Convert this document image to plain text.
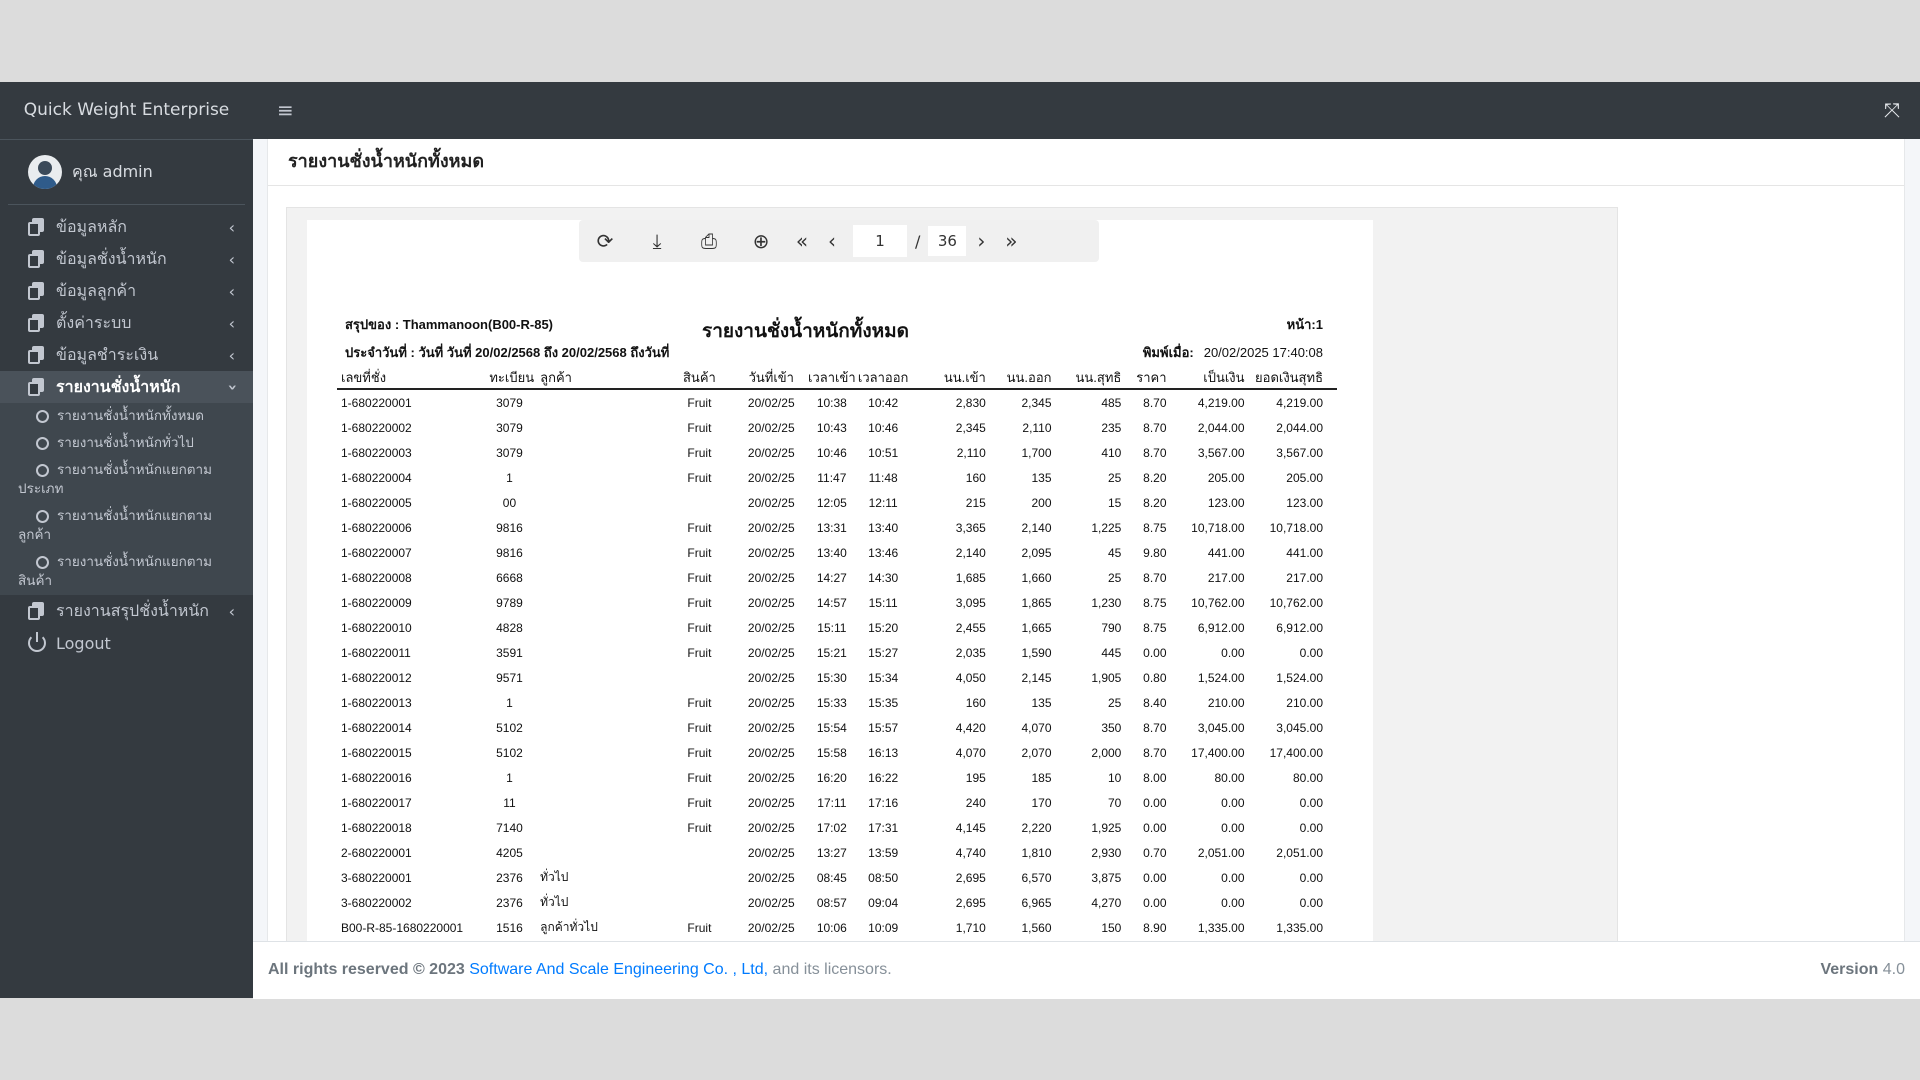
Quick Weight Enterprise
คุณ admin
ข้อมูลหลัก	‹
ข้อมูลชั่งน้ำหนัก	‹
ข้อมูลลูกค้า	‹
ตั้งค่าระบบ	‹
ข้อมูลชำระเงิน	‹
รายงานชั่งน้ำหนัก	‹
รายงานชั่งน้ำหนักทั้งหมด
รายงานชั่งน้ำหนักทั่วไป
รายงานชั่งน้ำหนักแยกตามประเภท
รายงานชั่งน้ำหนักแยกตามลูกค้า
รายงานชั่งน้ำหนักแยกตามสินค้า
รายงานสรุปชั่งน้ำหนัก ‹
Logout
≡	⤧
รายงานชั่งน้ำหนักทั้งหมด
⟳	⤓	⎙	⊕	« ‹
1	/	36	› »
สรุปของ : Thammanoon(B00-R-85)
ประจำวันที่ : วันที่ วันที่ 20/02/2568 ถึง 20/02/2568 ถึงวันที่
รายงานชั่งน้ำหนักทั้งหมด	หน้า:1
พิมพ์เมื่อ: 20/02/2025 17:40:08
เลขที่ชั่ง	ทะเบียน	ลูกค้า	สินค้า	วันที่เข้า	เวลาเข้า	เวลาออก	นน.เข้า	นน.ออก	นน.สุทธิ	ราคา	เป็นเงิน	ยอดเงินสุทธิ
1-680220001	3079		Fruit	20/02/25	10:38	10:42	2,830	2,345	485	8.70	4,219.00	4,219.00
1-680220002	3079		Fruit	20/02/25	10:43	10:46	2,345	2,110	235	8.70	2,044.00	2,044.00
1-680220003	3079		Fruit	20/02/25	10:46	10:51	2,110	1,700	410	8.70	3,567.00	3,567.00
1-680220004	1		Fruit	20/02/25	11:47	11:48	160	135	25	8.20	205.00	205.00
1-680220005	00			20/02/25	12:05	12:11	215	200	15	8.20	123.00	123.00
1-680220006	9816		Fruit	20/02/25	13:31	13:40	3,365	2,140	1,225	8.75	10,718.00	10,718.00
1-680220007	9816		Fruit	20/02/25	13:40	13:46	2,140	2,095	45	9.80	441.00	441.00
1-680220008	6668		Fruit	20/02/25	14:27	14:30	1,685	1,660	25	8.70	217.00	217.00
1-680220009	9789		Fruit	20/02/25	14:57	15:11	3,095	1,865	1,230	8.75	10,762.00	10,762.00
1-680220010	4828		Fruit	20/02/25	15:11	15:20	2,455	1,665	790	8.75	6,912.00	6,912.00
1-680220011	3591		Fruit	20/02/25	15:21	15:27	2,035	1,590	445	0.00	0.00	0.00
1-680220012	9571			20/02/25	15:30	15:34	4,050	2,145	1,905	0.80	1,524.00	1,524.00
1-680220013	1		Fruit	20/02/25	15:33	15:35	160	135	25	8.40	210.00	210.00
1-680220014	5102		Fruit	20/02/25	15:54	15:57	4,420	4,070	350	8.70	3,045.00	3,045.00
1-680220015	5102		Fruit	20/02/25	15:58	16:13	4,070	2,070	2,000	8.70	17,400.00	17,400.00
1-680220016	1		Fruit	20/02/25	16:20	16:22	195	185	10	8.00	80.00	80.00
1-680220017	11		Fruit	20/02/25	17:11	17:16	240	170	70	0.00	0.00	0.00
1-680220018	7140		Fruit	20/02/25	17:02	17:31	4,145	2,220	1,925	0.00	0.00	0.00
2-680220001	4205			20/02/25	13:27	13:59	4,740	1,810	2,930	0.70	2,051.00	2,051.00
3-680220001	2376	ทั่วไป		20/02/25	08:45	08:50	2,695	6,570	3,875	0.00	0.00	0.00
3-680220002	2376	ทั่วไป		20/02/25	08:57	09:04	2,695	6,965	4,270	0.00	0.00	0.00
B00-R-85-1680220001	1516	ลูกค้าทั่วไป	Fruit	20/02/25	10:06	10:09	1,710	1,560	150	8.90	1,335.00	1,335.00
All rights reserved © 2023 Software And Scale Engineering Co. , Ltd, and its licensors.	Version 4.0
